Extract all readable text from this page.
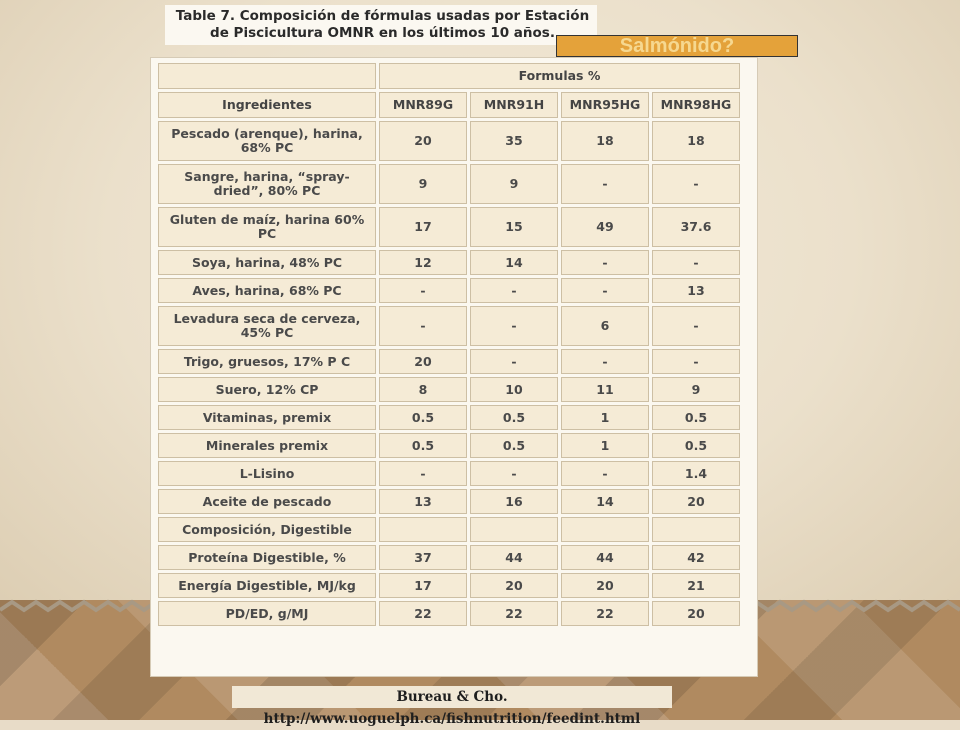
Table 7. Composición de fórmulas usadas por Estación de Piscicultura OMNR en los últimos 10 años.
Salmónido?
	Formulas %			
Ingredientes	MNR89G	MNR91H	MNR95HG	MNR98HG
Pescado (arenque), harina, 68% PC	20	35	18	18
Sangre, harina, “spray-dried”, 80% PC	9	9	-	-
Gluten de maíz, harina 60% PC	17	15	49	37.6
Soya, harina, 48% PC	12	14	-	-
Aves, harina, 68% PC	-	-	-	13
Levadura seca de cerveza, 45% PC	-	-	6	-
Trigo, gruesos, 17% P C	20	-	-	-
Suero, 12% CP	8	10	11	9
Vitaminas, premix	0.5	0.5	1	0.5
Minerales premix	0.5	0.5	1	0.5
L-Lisino	-	-	-	1.4
Aceite de pescado	13	16	14	20
Composición, Digestible				
Proteína Digestible, %	37	44	44	42
Energía Digestible, MJ/kg	17	20	20	21
PD/ED, g/MJ	22	22	22	20
Bureau & Cho. http://www.uoguelph.ca/fishnutrition/feedint.html
